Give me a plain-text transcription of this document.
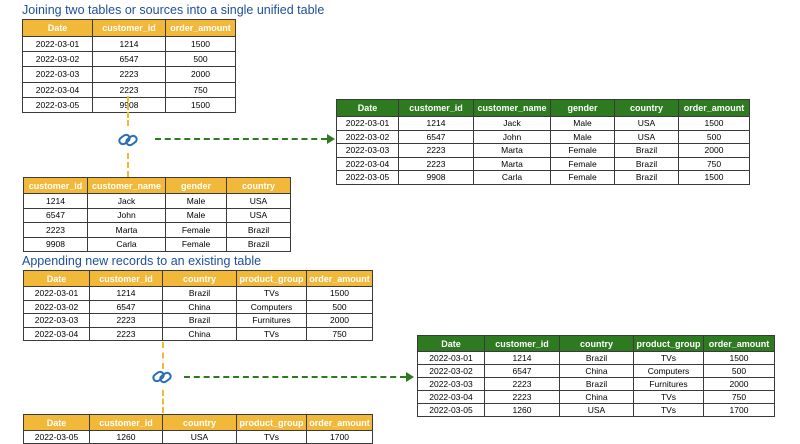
Joining two tables or sources into a single unified table
Date	customer_id	order_amount
2022-03-01	1214	1500
2022-03-02	6547	500
2022-03-03	2223	2000
2022-03-04	2223	750
2022-03-05	9908	1500
customer_id	customer_name	gender	country
1214	Jack	Male	USA
6547	John	Male	USA
2223	Marta	Female	Brazil
9908	Carla	Female	Brazil
Date	customer_id	customer_name	gender	country	order_amount
2022-03-01	1214	Jack	Male	USA	1500
2022-03-02	6547	John	Male	USA	500
2022-03-03	2223	Marta	Female	Brazil	2000
2022-03-04	2223	Marta	Female	Brazil	750
2022-03-05	9908	Carla	Female	Brazil	1500
Appending new records to an existing table
Date	customer_id	country	product_group	order_amount
2022-03-01	1214	Brazil	TVs	1500
2022-03-02	6547	China	Computers	500
2022-03-03	2223	Brazil	Furnitures	2000
2022-03-04	2223	China	TVs	750
Date	customer_id	country	product_group	order_amount
2022-03-05	1260	USA	TVs	1700
Date	customer_id	country	product_group	order_amount
2022-03-01	1214	Brazil	TVs	1500
2022-03-02	6547	China	Computers	500
2022-03-03	2223	Brazil	Furnitures	2000
2022-03-04	2223	China	TVs	750
2022-03-05	1260	USA	TVs	1700
